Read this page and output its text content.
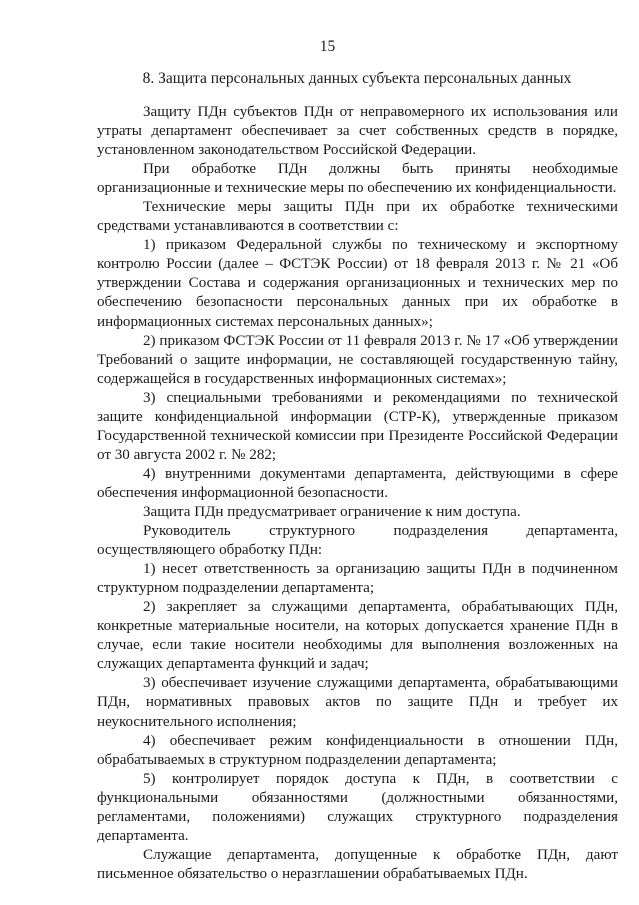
15
8. Защита персональных данных субъекта персональных данных

Защиту ПДн субъектов ПДн от неправомерного их использования или утраты департамент обеспечивает за счет собственных средств в порядке, установленном законодательством Российской Федерации.

При обработке ПДн должны быть приняты необходимые организационные и технические меры по обеспечению их конфиденциальности.

Технические меры защиты ПДн при их обработке техническими средствами устанавливаются в соответствии с:

1) приказом Федеральной службы по техническому и экспортному контролю России (далее – ФСТЭК России) от 18 февраля 2013 г. № 21 «Об утверждении Состава и содержания организационных и технических мер по обеспечению безопасности персональных данных при их обработке в информационных системах персональных данных»;

2) приказом ФСТЭК России от 11 февраля 2013 г. № 17 «Об утверждении Требований о защите информации, не составляющей государственную тайну, содержащейся в государственных информационных системах»;

3) специальными требованиями и рекомендациями по технической защите конфиденциальной информации (СТР-К), утвержденные приказом Государственной технической комиссии при Президенте Российской Федерации от 30 августа 2002 г. № 282;

4) внутренними документами департамента, действующими в сфере обеспечения информационной безопасности.

Защита ПДн предусматривает ограничение к ним доступа.

Руководитель структурного подразделения департамента, осуществляющего обработку ПДн:

1) несет ответственность за организацию защиты ПДн в подчиненном структурном подразделении департамента;

2) закрепляет за служащими департамента, обрабатывающих ПДн, конкретные материальные носители, на которых допускается хранение ПДн в случае, если такие носители необходимы для выполнения возложенных на служащих департамента функций и задач;

3) обеспечивает изучение служащими департамента, обрабатывающими ПДн, нормативных правовых актов по защите ПДн и требует их неукоснительного исполнения;

4) обеспечивает режим конфиденциальности в отношении ПДн, обрабатываемых в структурном подразделении департамента;

5) контролирует порядок доступа к ПДн, в соответствии с функциональными обязанностями (должностными обязанностями, регламентами, положениями) служащих структурного подразделения департамента.

Служащие департамента, допущенные к обработке ПДн, дают письменное обязательство о неразглашении обрабатываемых ПДн.
